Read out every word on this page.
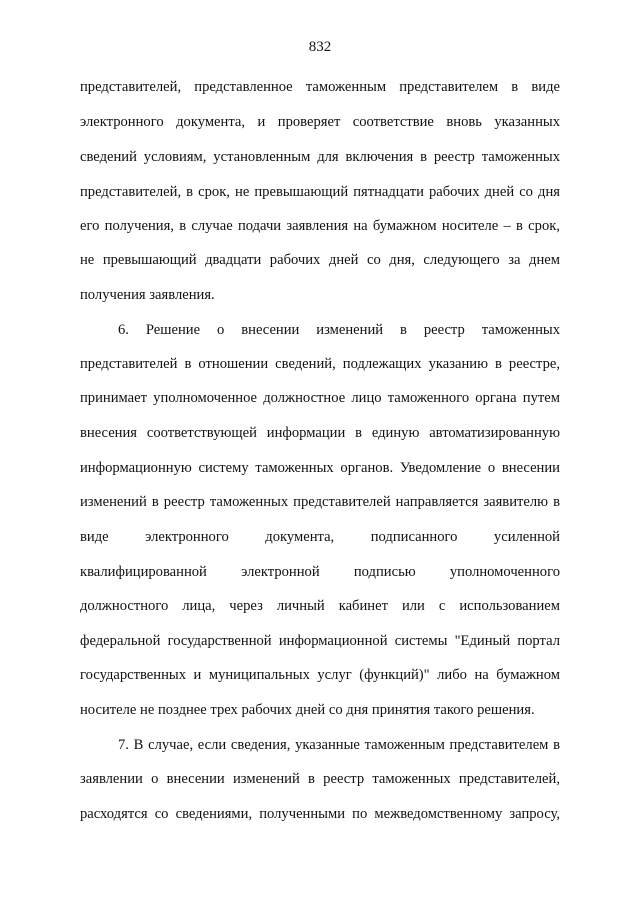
832
представителей, представленное таможенным представителем в виде
электронного документа, и проверяет соответствие вновь указанных
сведений условиям, установленным для включения в реестр таможенных
представителей, в срок, не превышающий пятнадцати рабочих дней со дня
его получения, в случае подачи заявления на бумажном носителе – в срок,
не превышающий двадцати рабочих дней со дня, следующего за днем
получения заявления.
6. Решение о внесении изменений в реестр таможенных
представителей в отношении сведений, подлежащих указанию в реестре,
принимает уполномоченное должностное лицо таможенного органа путем
внесения соответствующей информации в единую автоматизированную
информационную систему таможенных органов. Уведомление о внесении
изменений в реестр таможенных представителей направляется заявителю в
виде электронного документа, подписанного усиленной
квалифицированной электронной подписью уполномоченного
должностного лица, через личный кабинет или с использованием
федеральной государственной информационной системы "Единый портал
государственных и муниципальных услуг (функций)" либо на бумажном
носителе не позднее трех рабочих дней со дня принятия такого решения.
7. В случае, если сведения, указанные таможенным представителем в
заявлении о внесении изменений в реестр таможенных представителей,
расходятся со сведениями, полученными по межведомственному запросу,
